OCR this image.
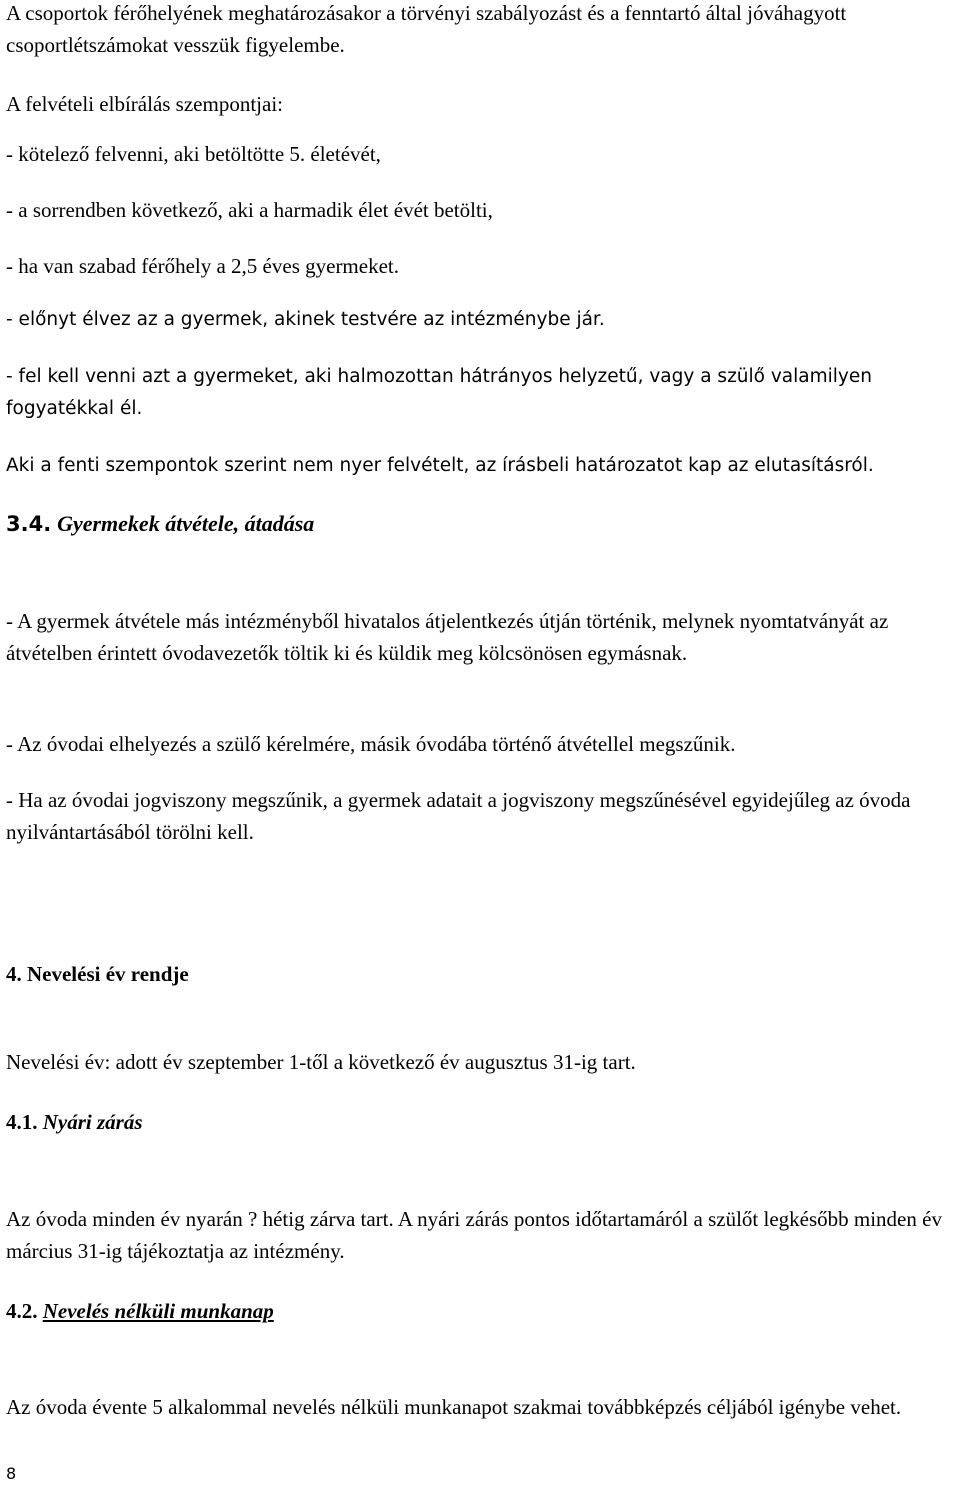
A csoportok férőhelyének meghatározásakor a törvényi szabályozást és a fenntartó által jóváhagyott csoportlétszámokat vesszük figyelembe.

A felvételi elbírálás szempontjai:

- kötelező felvenni, aki betöltötte 5. életévét,

- a sorrendben következő, aki a harmadik élet évét betölti,

- ha van szabad férőhely a 2,5 éves gyermeket.

- előnyt élvez az a gyermek, akinek testvére az intézménybe jár.

- fel kell venni azt a gyermeket, aki halmozottan hátrányos helyzetű, vagy a szülő valamilyen fogyatékkal él.

Aki a fenti szempontok szerint nem nyer felvételt, az írásbeli határozatot kap az elutasításról.

3.4. Gyermekek átvétele, átadása

- A gyermek átvétele más intézményből hivatalos átjelentkezés útján történik, melynek nyomtatványát az átvételben érintett óvodavezetők töltik ki és küldik meg kölcsönösen egymásnak.

- Az óvodai elhelyezés a szülő kérelmére, másik óvodába történő átvétellel megszűnik.

- Ha az óvodai jogviszony megszűnik, a gyermek adatait a jogviszony megszűnésével egyidejűleg az óvoda nyilvántartásából törölni kell.

4. Nevelési év rendje

Nevelési év: adott év szeptember 1-től a következő év augusztus 31-ig tart.

4.1. Nyári zárás

Az óvoda minden év nyarán ? hétig zárva tart. A nyári zárás pontos időtartamáról a szülőt legkésőbb minden év március 31-ig tájékoztatja az intézmény.

4.2. Nevelés nélküli munkanap

Az óvoda évente 5 alkalommal nevelés nélküli munkanapot szakmai továbbképzés céljából igénybe vehet.

8
